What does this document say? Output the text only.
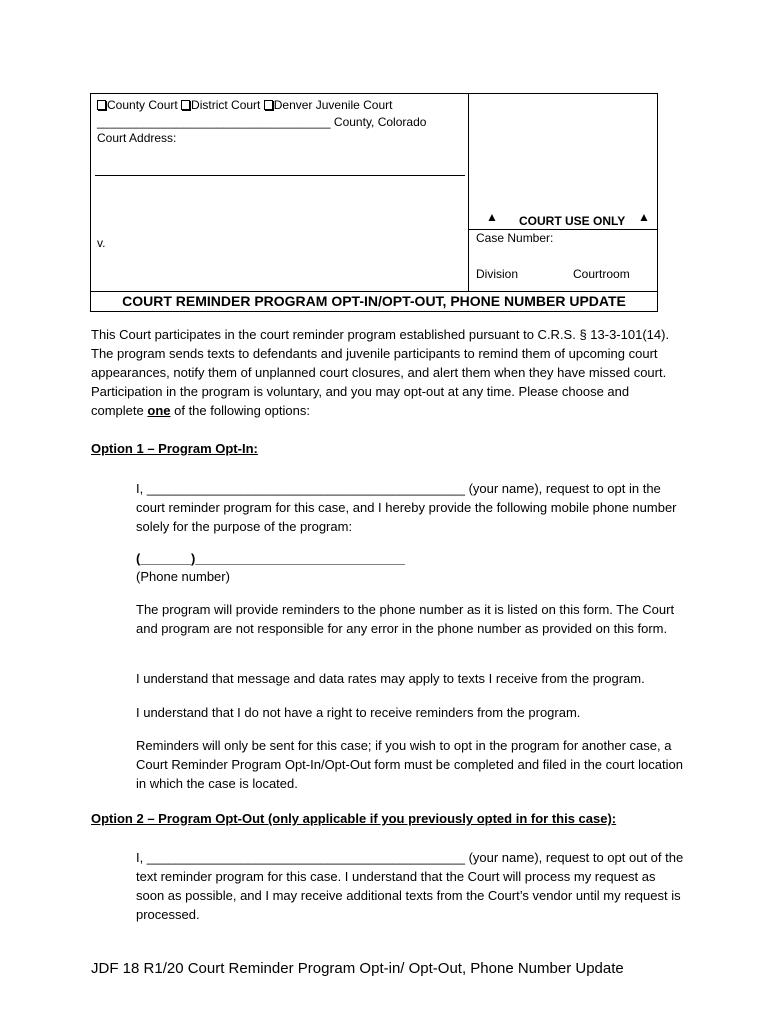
County Court District Court Denver Juvenile Court
___________________________________ County, Colorado
Court Address:
v.
▲ COURT USE ONLY ▲
Case Number:
Division	Courtroom
COURT REMINDER PROGRAM OPT-IN/OPT-OUT, PHONE NUMBER UPDATE
This Court participates in the court reminder program established pursuant to C.R.S. § 13-3-101(14). The program sends texts to defendants and juvenile participants to remind them of upcoming court appearances, notify them of unplanned court closures, and alert them when they have missed court. Participation in the program is voluntary, and you may opt-out at any time. Please choose and complete one of the following options:
Option 1 – Program Opt-In:
I, ____________________________________________ (your name), request to opt in the court reminder program for this case, and I hereby provide the following mobile phone number solely for the purpose of the program:
(_______)_____________________________
(Phone number)
The program will provide reminders to the phone number as it is listed on this form. The Court and program are not responsible for any error in the phone number as provided on this form.
I understand that message and data rates may apply to texts I receive from the program.
I understand that I do not have a right to receive reminders from the program.
Reminders will only be sent for this case; if you wish to opt in the program for another case, a Court Reminder Program Opt-In/Opt-Out form must be completed and filed in the court location in which the case is located.
Option 2 – Program Opt-Out (only applicable if you previously opted in for this case):
I, ____________________________________________ (your name), request to opt out of the text reminder program for this case. I understand that the Court will process my request as soon as possible, and I may receive additional texts from the Court’s vendor until my request is processed.
JDF 18 R1/20 Court Reminder Program Opt-in/ Opt-Out, Phone Number Update
